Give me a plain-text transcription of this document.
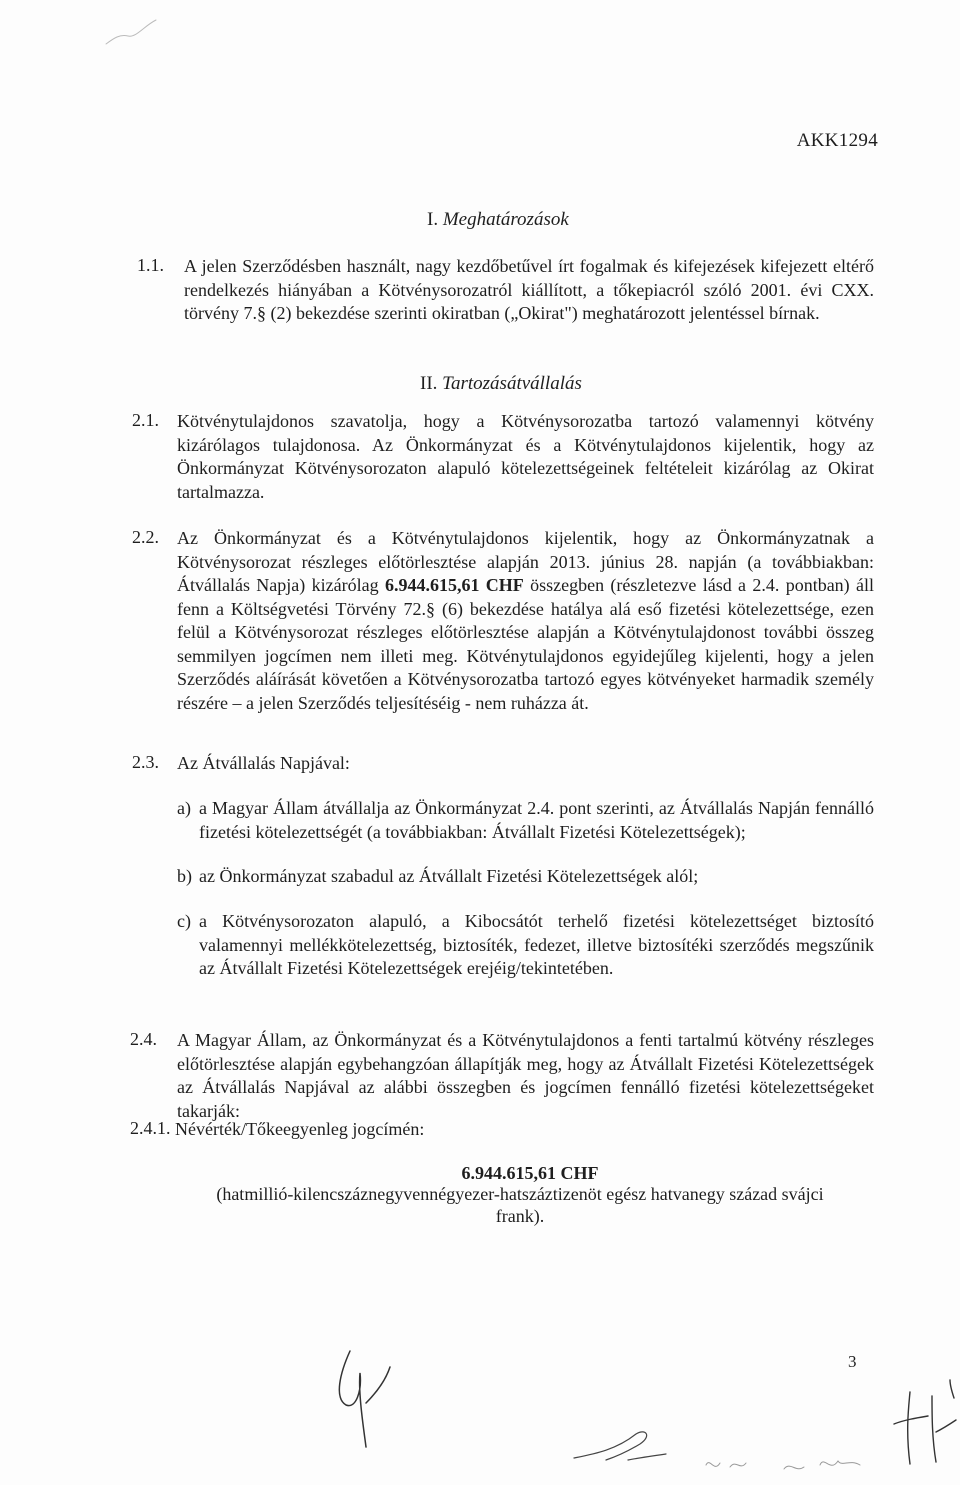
AKK1294
I. Meghatározások
1.1. A jelen Szerződésben használt, nagy kezdőbetűvel írt fogalmak és kifejezések kifejezett eltérő rendelkezés hiányában a Kötvénysorozatról kiállított, a tőkepiacról szóló 2001. évi CXX. törvény 7.§ (2) bekezdése szerinti okiratban („Okirat") meghatározott jelentéssel bírnak.
II. Tartozásátvállalás
2.1. Kötvénytulajdonos szavatolja, hogy a Kötvénysorozatba tartozó valamennyi kötvény kizárólagos tulajdonosa. Az Önkormányzat és a Kötvénytulajdonos kijelentik, hogy az Önkormányzat Kötvénysorozaton alapuló kötelezettségeinek feltételeit kizárólag az Okirat tartalmazza.
2.2. Az Önkormányzat és a Kötvénytulajdonos kijelentik, hogy az Önkormányzatnak a Kötvénysorozat részleges előtörlesztése alapján 2013. június 28. napján (a továbbiakban: Átvállalás Napja) kizárólag 6.944.615,61 CHF összegben (részletezve lásd a 2.4. pontban) áll fenn a Költségvetési Törvény 72.§ (6) bekezdése hatálya alá eső fizetési kötelezettsége, ezen felül a Kötvénysorozat részleges előtörlesztése alapján a Kötvénytulajdonost további összeg semmilyen jogcímen nem illeti meg. Kötvénytulajdonos egyidejűleg kijelenti, hogy a jelen Szerződés aláírását követően a Kötvénysorozatba tartozó egyes kötvényeket harmadik személy részére – a jelen Szerződés teljesítéséig - nem ruházza át.
2.3. Az Átvállalás Napjával:
a) a Magyar Állam átvállalja az Önkormányzat 2.4. pont szerinti, az Átvállalás Napján fennálló fizetési kötelezettségét (a továbbiakban: Átvállalt Fizetési Kötelezettségek);
b) az Önkormányzat szabadul az Átvállalt Fizetési Kötelezettségek alól;
c) a Kötvénysorozaton alapuló, a Kibocsátót terhelő fizetési kötelezettséget biztosító valamennyi mellékkötelezettség, biztosíték, fedezet, illetve biztosítéki szerződés megszűnik az Átvállalt Fizetési Kötelezettségek erejéig/tekintetében.
2.4. A Magyar Állam, az Önkormányzat és a Kötvénytulajdonos a fenti tartalmú kötvény részleges előtörlesztése alapján egybehangzóan állapítják meg, hogy az Átvállalt Fizetési Kötelezettségek az Átvállalás Napjával az alábbi összegben és jogcímen fennálló fizetési kötelezettségeket takarják:
2.4.1. Névérték/Tőkeegyenleg jogcímén:
6.944.615,61 CHF
(hatmillió-kilencszáznegyvennégyezer-hatszáztizenöt egész hatvanegy század svájci
frank).
3
